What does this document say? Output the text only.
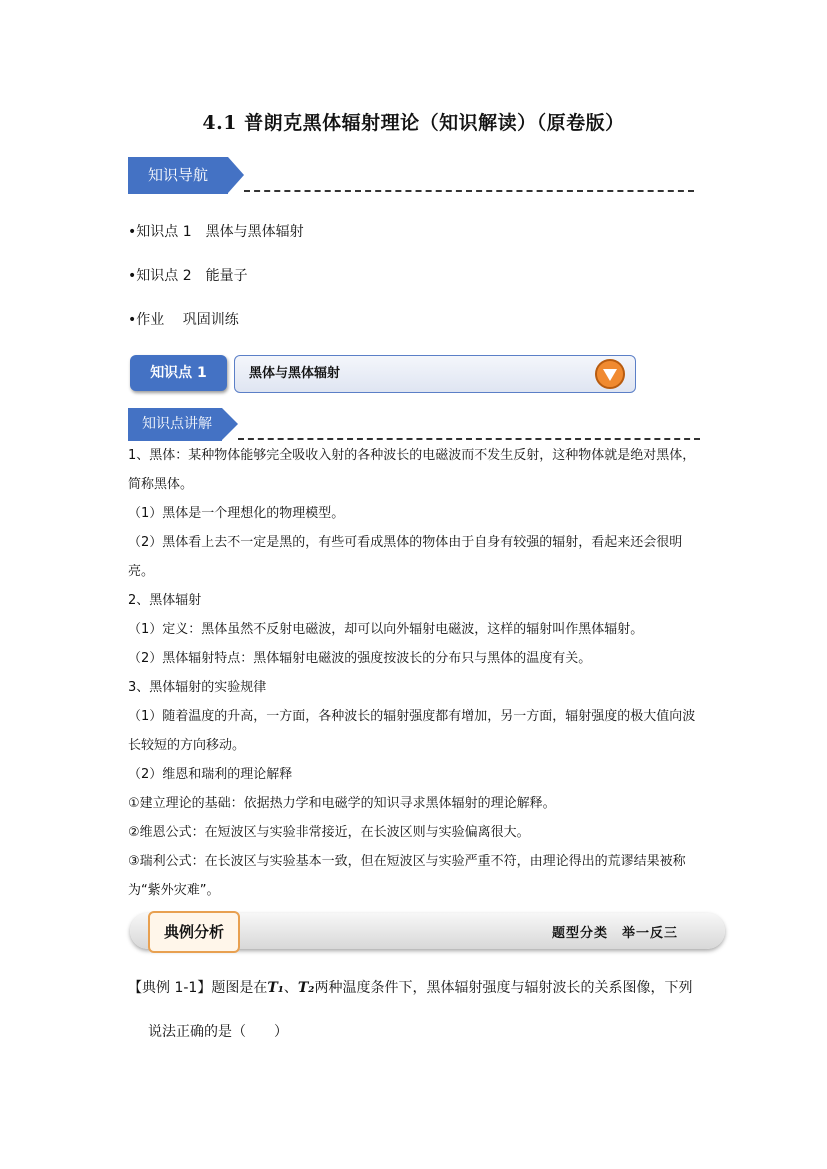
4.1 普朗克黑体辐射理论（知识解读）（原卷版）
知识导航
•知识点 1　黑体与黑体辐射
•知识点 2　能量子
•作业　 巩固训练
知识点 1	黑体与黑体辐射
知识点讲解

1、黑体：某种物体能够完全吸收入射的各种波长的电磁波而不发生反射，这种物体就是绝对黑体，简称黑体。

（1）黑体是一个理想化的物理模型。

（2）黑体看上去不一定是黑的，有些可看成黑体的物体由于自身有较强的辐射，看起来还会很明亮。

2、黑体辐射

（1）定义：黑体虽然不反射电磁波，却可以向外辐射电磁波，这样的辐射叫作黑体辐射。

（2）黑体辐射特点：黑体辐射电磁波的强度按波长的分布只与黑体的温度有关。

3、黑体辐射的实验规律

（1）随着温度的升高，一方面，各种波长的辐射强度都有增加，另一方面，辐射强度的极大值向波长较短的方向移动。

（2）维恩和瑞利的理论解释

①建立理论的基础：依据热力学和电磁学的知识寻求黑体辐射的理论解释。

②维恩公式：在短波区与实验非常接近，在长波区则与实验偏离很大。

③瑞利公式：在长波区与实验基本一致，但在短波区与实验严重不符，由理论得出的荒谬结果被称为“紫外灾难”。

典例分析	题型分类　举一反三
【典例 1-1】题图是在T₁、T₂两种温度条件下，黑体辐射强度与辐射波长的关系图像，下列
说法正确的是（　　）
